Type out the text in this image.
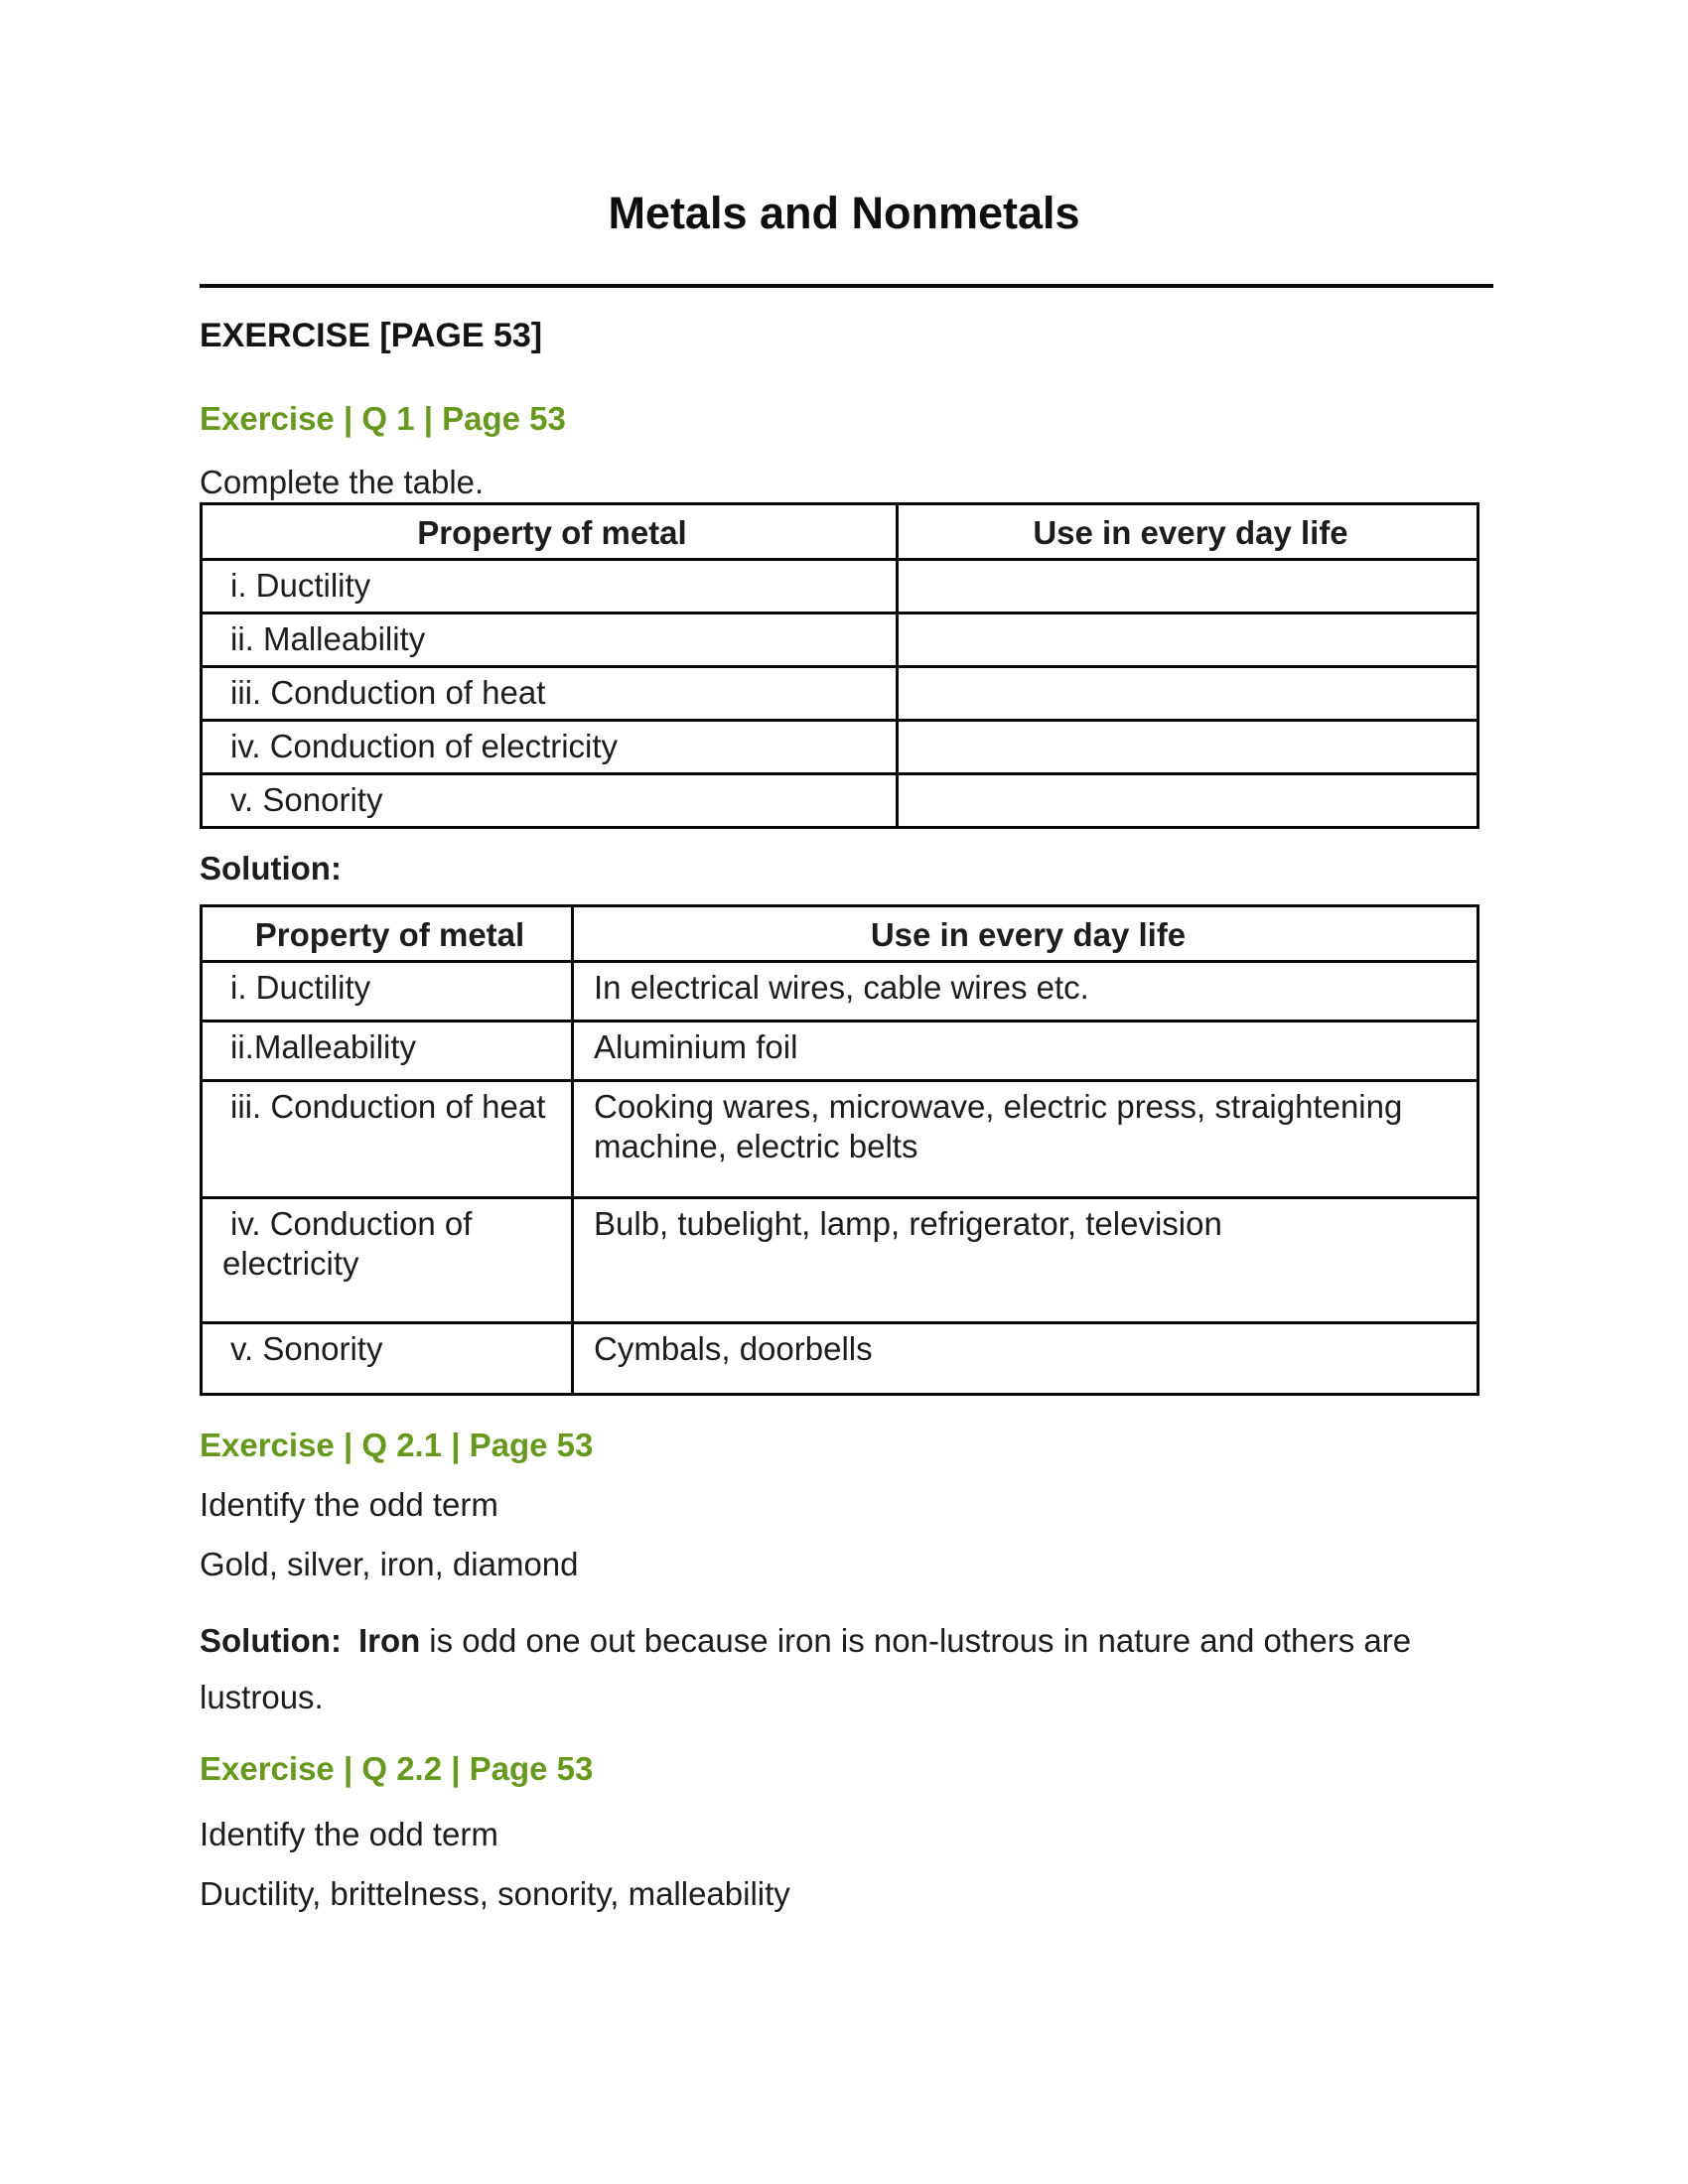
Metals and Nonmetals
EXERCISE [PAGE 53]
Exercise | Q 1 | Page 53

Complete the table.

Property of metal	Use in every day life
i. Ductility	
ii. Malleability	
iii. Conduction of heat	
iv. Conduction of electricity	
v. Sonority	

Solution:

Property of metal	Use in every day life
i. Ductility	In electrical wires, cable wires etc.
ii.Malleability	Aluminium foil
iii. Conduction of heat	Cooking wares, microwave, electric press, straightening machine, electric belts
iv. Conduction of electricity	Bulb, tubelight, lamp, refrigerator, television
v. Sonority	Cymbals, doorbells
Exercise | Q 2.1 | Page 53

Identify the odd term

Gold, silver, iron, diamond

Solution: Iron is odd one out because iron is non-lustrous in nature and others are lustrous.

Exercise | Q 2.2 | Page 53

Identify the odd term

Ductility, brittelness, sonority, malleability
